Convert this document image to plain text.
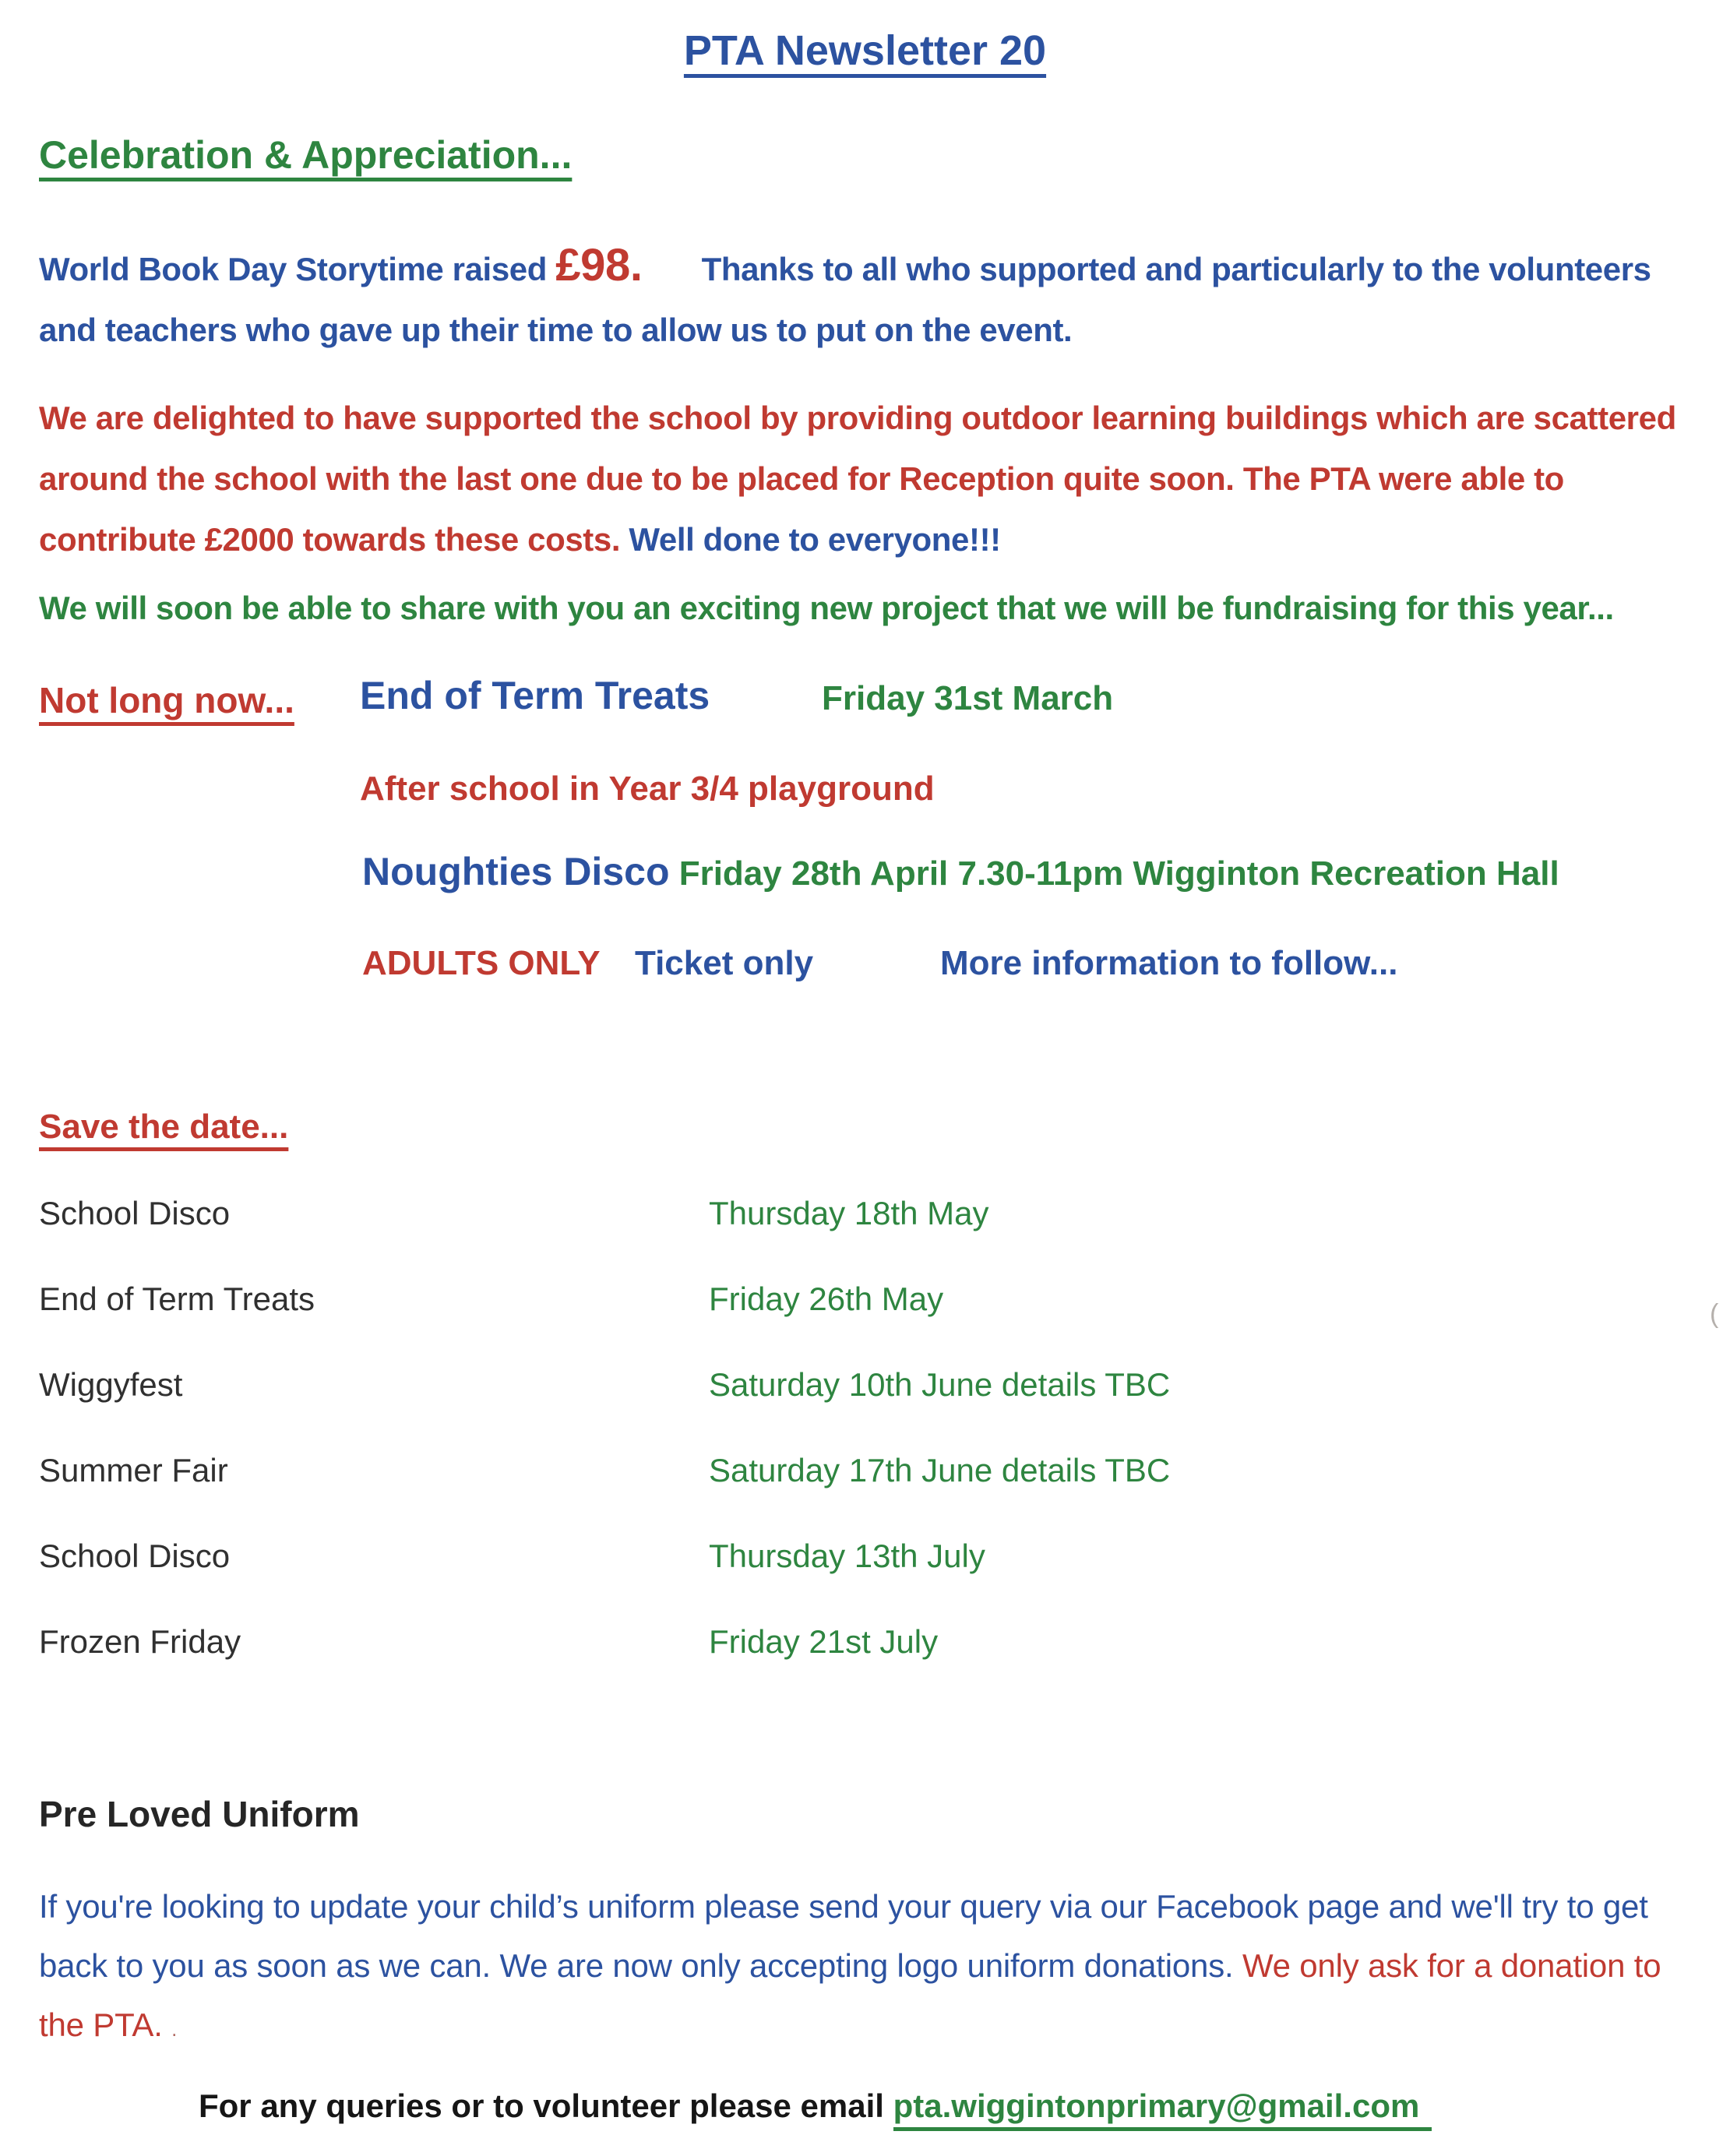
PTA Newsletter 20
Celebration & Appreciation...
World Book Day Storytime raised £98. Thanks to all who supported and particularly to the volunteers and teachers who gave up their time to allow us to put on the event.
We are delighted to have supported the school by providing outdoor learning buildings which are scattered around the school with the last one due to be placed for Reception quite soon. The PTA were able to contribute £2000 towards these costs. Well done to everyone!!!
We will soon be able to share with you an exciting new project that we will be fundraising for this year...
Not long now... End of Term Treats	Friday 31st March
After school in Year 3/4 playground
Noughties Disco Friday 28th April 7.30-11pm Wigginton Recreation Hall
ADULTS ONLY Ticket only	More information to follow...
Save the date...
School Disco	Thursday 18th May
End of Term Treats	Friday 26th May
Wiggyfest	Saturday 10th June details TBC
Summer Fair	Saturday 17th June details TBC
School Disco	Thursday 13th July
Frozen Friday	Friday 21st July
Pre Loved Uniform
If you're looking to update your child’s uniform please send your query via our Facebook page and we'll try to get back to you as soon as we can. We are now only accepting logo uniform donations. We only ask for a donation to the PTA. .
For any queries or to volunteer please email pta.wiggintonprimary@gmail.com
(
